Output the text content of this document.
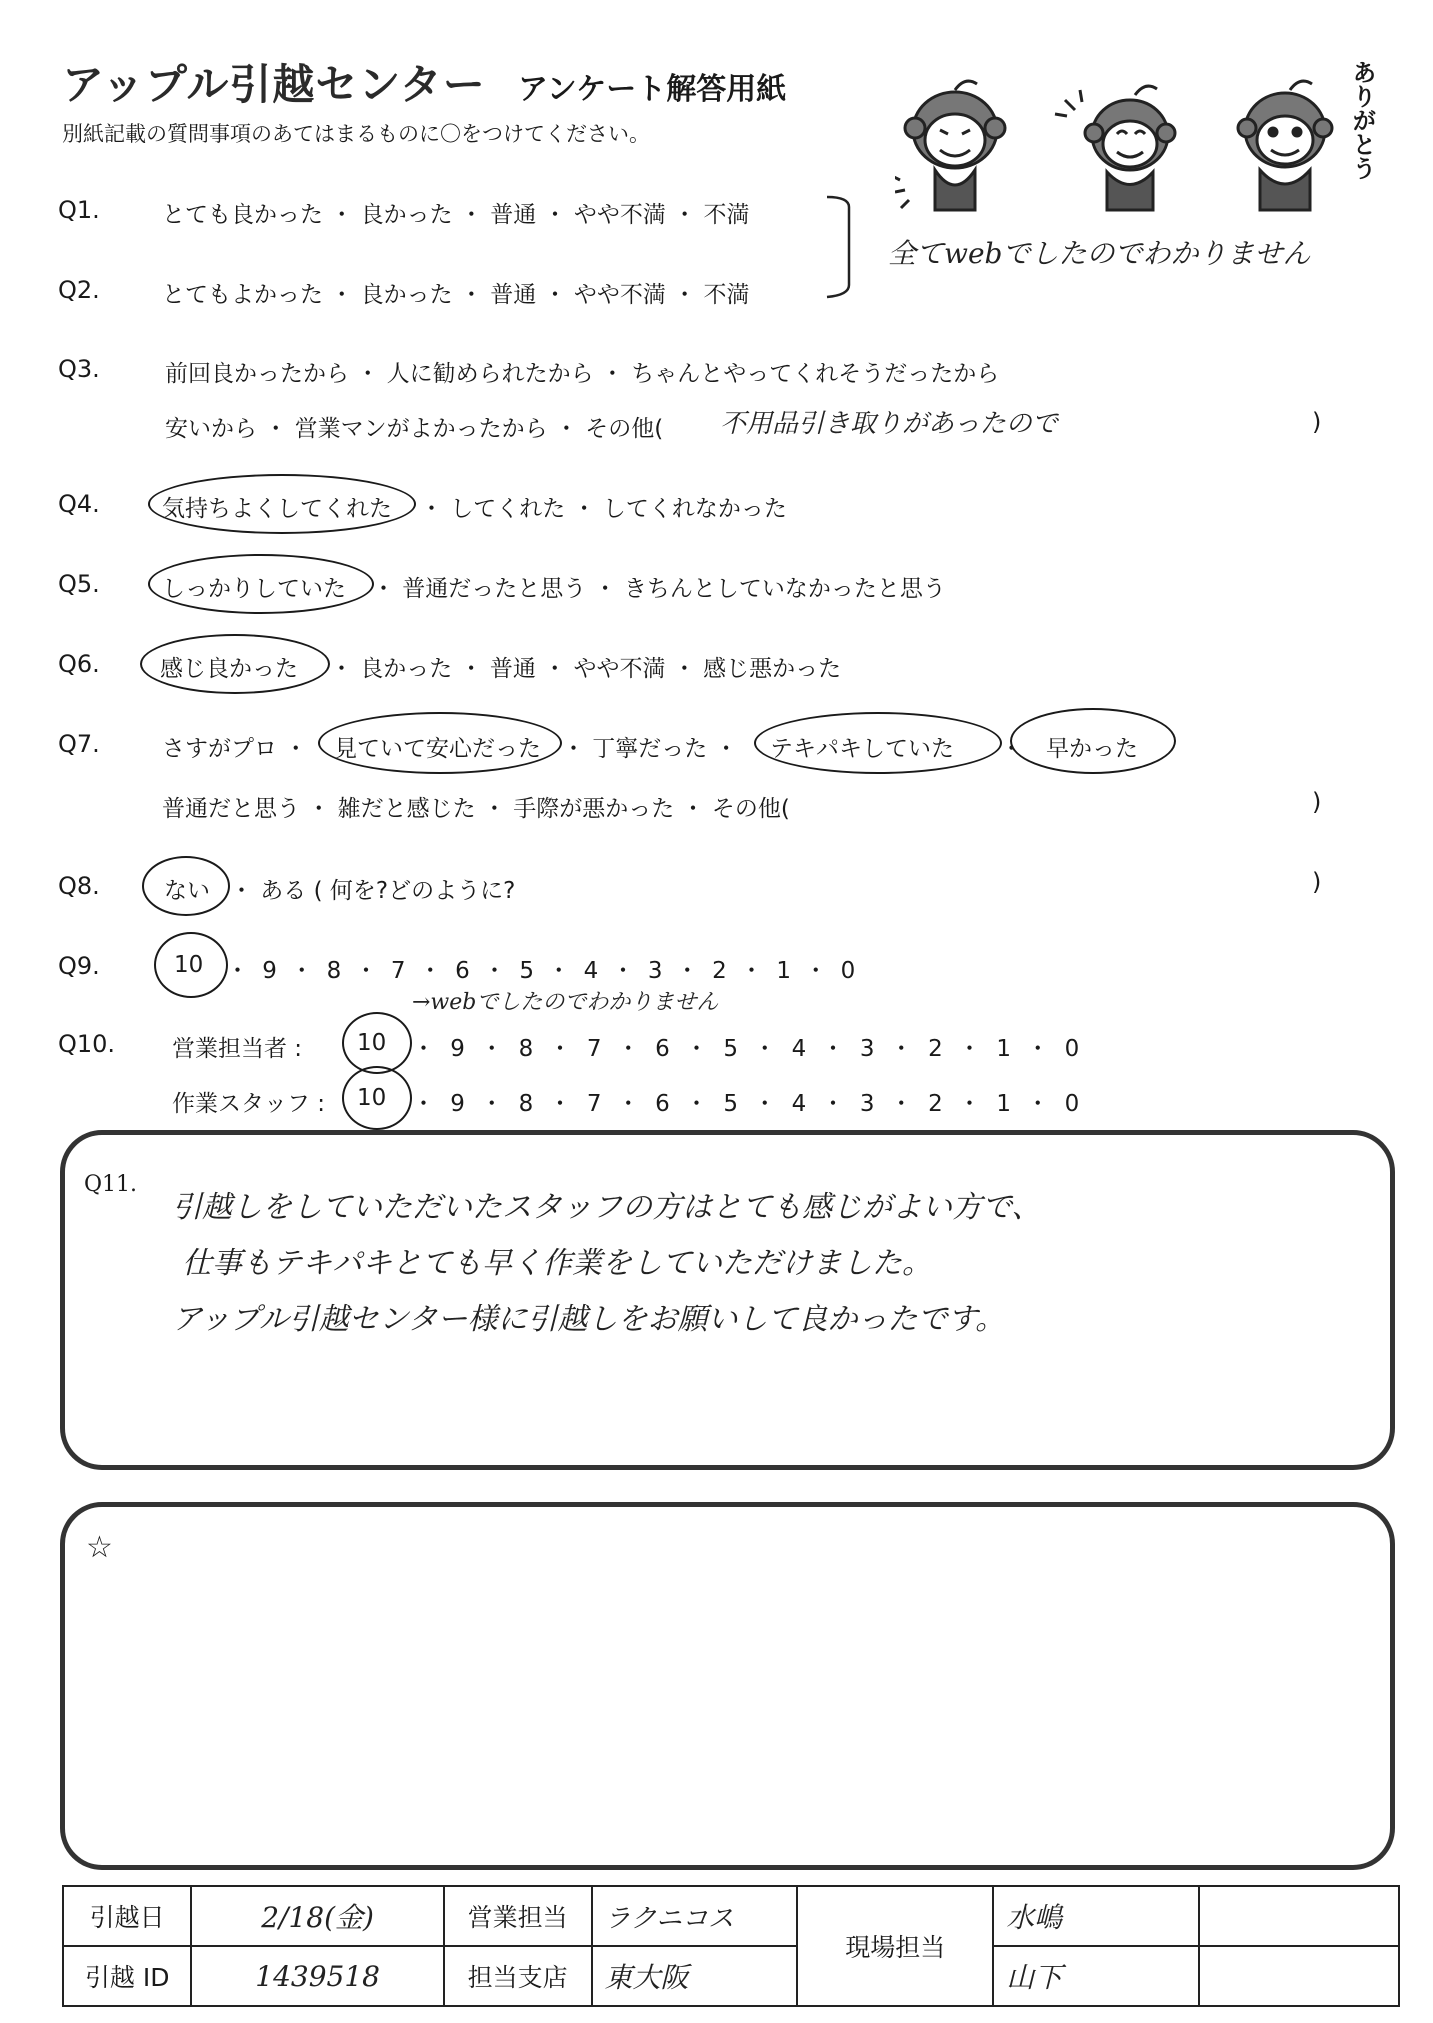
アップル引越センター アンケート解答用紙
別紙記載の質問事項のあてはまるものに〇をつけてください。	ありがとう
Q1.	とても良かった ・ 良かった ・ 普通 ・ やや不満 ・ 不満
Q2.	とてもよかった ・ 良かった ・ 普通 ・ やや不満 ・ 不満
全てwebでしたのでわかりません
Q3.	前回良かったから ・ 人に勧められたから ・ ちゃんとやってくれそうだったから
安いから ・ 営業マンがよかったから ・ その他( 不用品引き取りがあったので	)
Q4.	気持ちよくしてくれた ・ してくれた ・ してくれなかった
Q5.	しっかりしていた ・ 普通だったと思う ・ きちんとしていなかったと思う
Q6.	感じ良かった ・ 良かった ・ 普通 ・ やや不満 ・ 感じ悪かった
Q7.	さすがプロ ・ 見ていて安心だった ・ 丁寧だった ・ テキパキしていた ・ 早かった
普通だと思う ・ 雑だと感じた ・ 手際が悪かった ・ その他(	)
Q8.	ない ・ ある ( 何を?どのように?	)
Q9.	10 ・ 9 ・ 8 ・ 7 ・ 6 ・ 5 ・ 4 ・ 3 ・ 2 ・ 1 ・ 0
→webでしたのでわかりません
Q10. 営業担当者 : 10 ・ 9 ・ 8 ・ 7 ・ 6 ・ 5 ・ 4 ・ 3 ・ 2 ・ 1 ・ 0
作業スタッフ : 10 ・ 9 ・ 8 ・ 7 ・ 6 ・ 5 ・ 4 ・ 3 ・ 2 ・ 1 ・ 0
Q11.
引越しをしていただいたスタッフの方はとても感じがよい方で、
仕事もテキパキとても早く作業をしていただけました。
アップル引越センター様に引越しをお願いして良かったです。
☆
引越日	2/18(金)	営業担当	ラクニコス	現場担当	水嶋	
引越 ID	1439518	担当支店	東大阪		山下	
